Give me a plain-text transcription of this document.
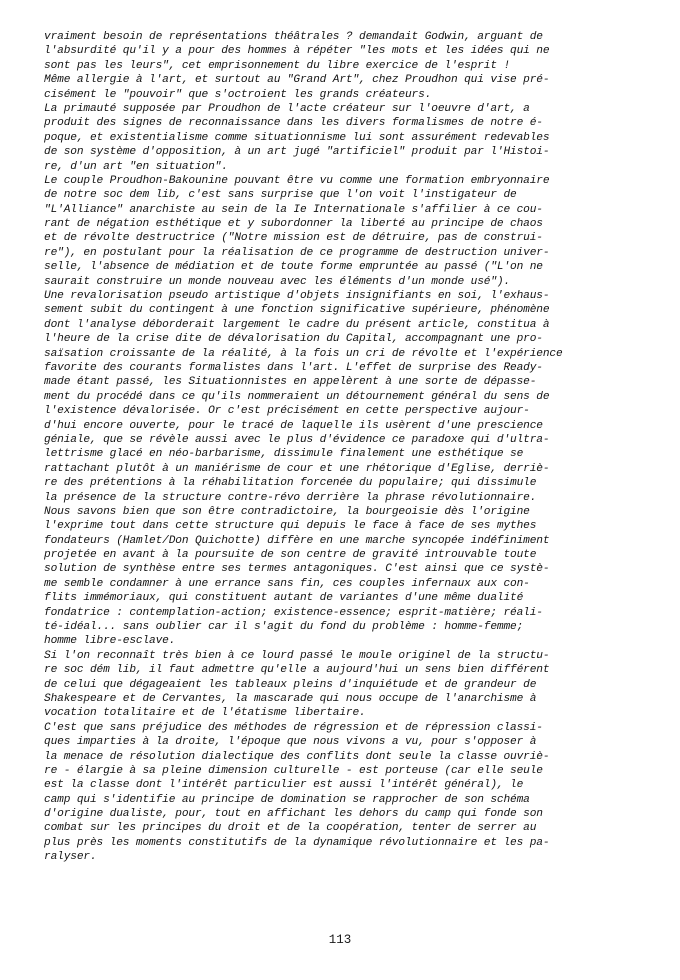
vraiment besoin de représentations théâtrales ? demandait Godwin, arguant de
l'absurdité qu'il y a pour des hommes à répéter "les mots et les idées qui ne
sont pas les leurs", cet emprisonnement du libre exercice de l'esprit !
Même allergie à l'art, et surtout au "Grand Art", chez Proudhon qui vise pré-
cisément le "pouvoir" que s'octroient les grands créateurs.
La primauté supposée par Proudhon de l'acte créateur sur l'oeuvre d'art, a
produit des signes de reconnaissance dans les divers formalismes de notre é-
poque, et existentialisme comme situationnisme lui sont assurément redevables
de son système d'opposition, à un art jugé "artificiel" produit par l'Histoi-
re, d'un art "en situation".
Le couple Proudhon-Bakounine pouvant être vu comme une formation embryonnaire
de notre soc dem lib, c'est sans surprise que l'on voit l'instigateur de
"L'Alliance" anarchiste au sein de la Ie Internationale s'affilier à ce cou-
rant de négation esthétique et y subordonner la liberté au principe de chaos
et de révolte destructrice ("Notre mission est de détruire, pas de construi-
re"), en postulant pour la réalisation de ce programme de destruction univer-
selle, l'absence de médiation et de toute forme empruntée au passé ("L'on ne
saurait construire un monde nouveau avec les éléments d'un monde usé").
Une revalorisation pseudo artistique d'objets insignifiants en soi, l'exhaus-
sement subit du contingent à une fonction significative supérieure, phénomène
dont l'analyse déborderait largement le cadre du présent article, constitua à
l'heure de la crise dite de dévalorisation du Capital, accompagnant une pro-
saïsation croissante de la réalité, à la fois un cri de révolte et l'expérience
favorite des courants formalistes dans l'art. L'effet de surprise des Ready-
made étant passé, les Situationnistes en appelèrent à une sorte de dépasse-
ment du procédé dans ce qu'ils nommeraient un détournement général du sens de
l'existence dévalorisée. Or c'est précisément en cette perspective aujour-
d'hui encore ouverte, pour le tracé de laquelle ils usèrent d'une prescience
géniale, que se révèle aussi avec le plus d'évidence ce paradoxe qui d'ultra-
lettrisme glacé en néo-barbarisme, dissimule finalement une esthétique se
rattachant plutôt à un maniérisme de cour et une rhétorique d'Eglise, derriè-
re des prétentions à la réhabilitation forcenée du populaire; qui dissimule
la présence de la structure contre-révo derrière la phrase révolutionnaire.
Nous savons bien que son être contradictoire, la bourgeoisie dès l'origine
l'exprime tout dans cette structure qui depuis le face à face de ses mythes
fondateurs (Hamlet/Don Quichotte) diffère en une marche syncopée indéfiniment
projetée en avant à la poursuite de son centre de gravité introuvable toute
solution de synthèse entre ses termes antagoniques. C'est ainsi que ce systè-
me semble condamner à une errance sans fin, ces couples infernaux aux con-
flits immémoriaux, qui constituent autant de variantes d'une même dualité
fondatrice : contemplation-action; existence-essence; esprit-matière; réali-
té-idéal... sans oublier car il s'agit du fond du problème : homme-femme;
homme libre-esclave.
Si l'on reconnaît très bien à ce lourd passé le moule originel de la structu-
re soc dém lib, il faut admettre qu'elle a aujourd'hui un sens bien différent
de celui que dégageaient les tableaux pleins d'inquiétude et de grandeur de
Shakespeare et de Cervantes, la mascarade qui nous occupe de l'anarchisme à
vocation totalitaire et de l'étatisme libertaire.
C'est que sans préjudice des méthodes de régression et de répression classi-
ques imparties à la droite, l'époque que nous vivons a vu, pour s'opposer à
la menace de résolution dialectique des conflits dont seule la classe ouvriè-
re - élargie à sa pleine dimension culturelle - est porteuse (car elle seule
est la classe dont l'intérêt particulier est aussi l'intérêt général), le
camp qui s'identifie au principe de domination se rapprocher de son schéma
d'origine dualiste, pour, tout en affichant les dehors du camp qui fonde son
combat sur les principes du droit et de la coopération, tenter de serrer au
plus près les moments constitutifs de la dynamique révolutionnaire et les pa-
ralyser.
113
